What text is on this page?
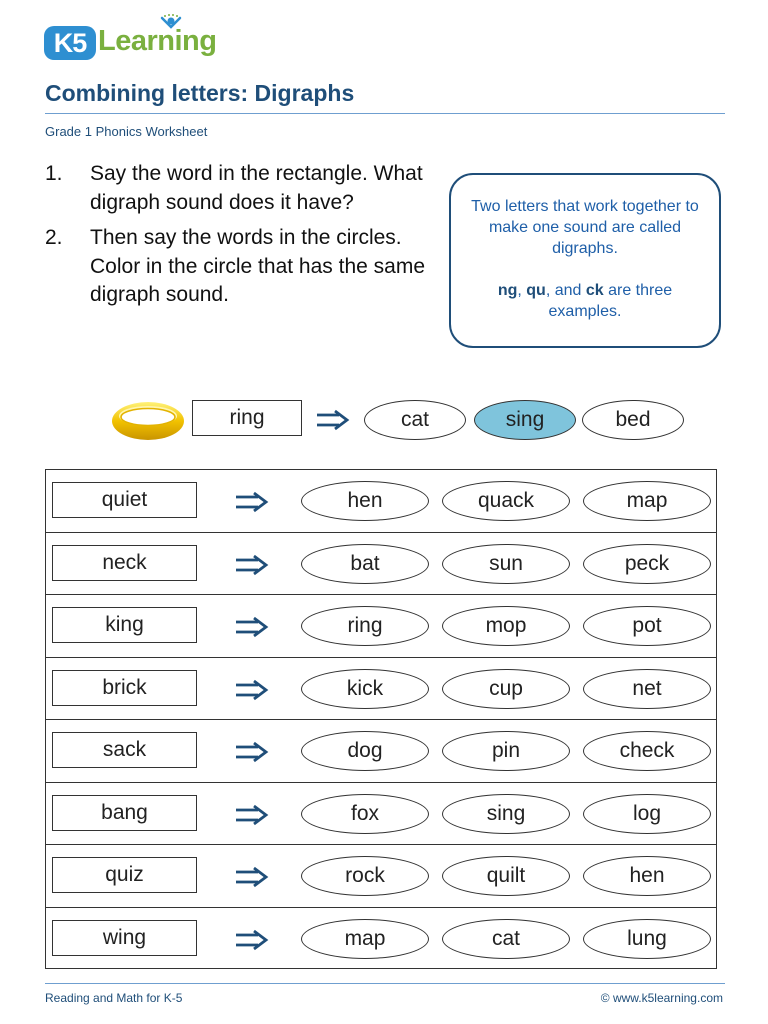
K5 Learning
Combining letters: Digraphs
Grade 1 Phonics Worksheet
1.	Say the word in the rectangle. What digraph sound does it have?
2.	Then say the words in the circles. Color in the circle that has the same digraph sound.

Two letters that work together to make one sound are called digraphs.

ng, qu, and ck are three examples.

ring	cat	sing	bed
quiet	hen	quack	map
neck	bat	sun	peck
king	ring	mop	pot
brick	kick	cup	net
sack	dog	pin	check
bang	fox	sing	log
quiz	rock	quilt	hen
wing	map	cat	lung
Reading and Math for K-5	© www.k5learning.com
